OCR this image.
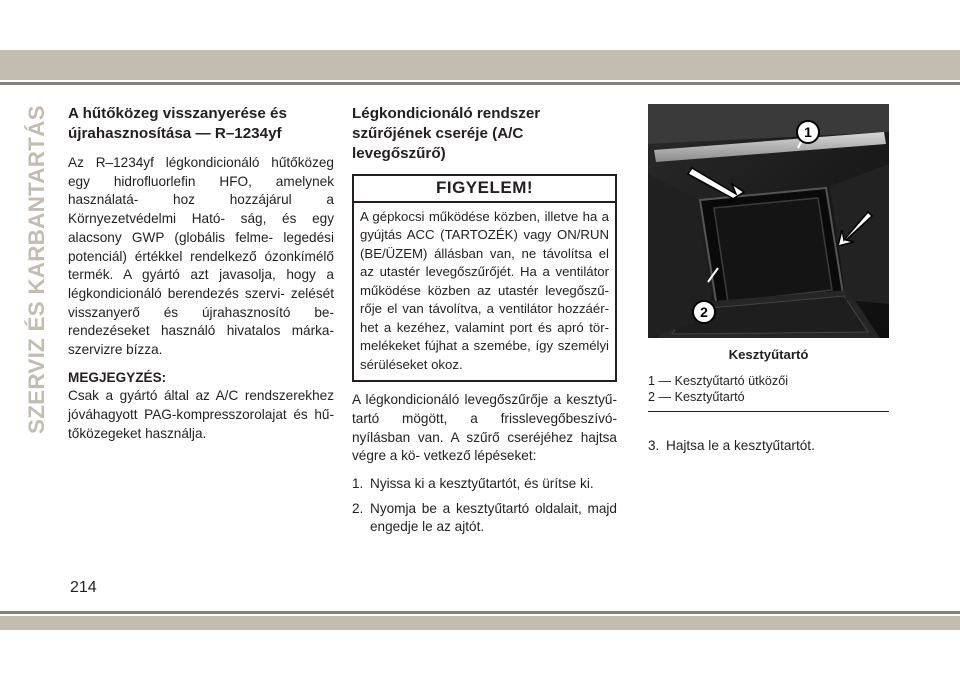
SZERVIZ ÉS KARBANTARTÁS A hűtőközeg visszanyerése és újrahasznosítása — R–1234yf

Az R–1234yf légkondicionáló hűtőközeg egy hidrofluorlefin HFO, amelynek használatá- hoz hozzájárul a Környezetvédelmi Ható- ság, és egy alacsony GWP (globális felme- legedési potenciál) értékkel rendelkező ózonkímélő termék. A gyártó azt javasolja, hogy a légkondicionáló berendezés szervi- zelését visszanyerő és újrahasznosító be- rendezéseket használó hivatalos márka- szervizre bízza.

MEGJEGYZÉS:

Csak a gyártó által az A/C rendszerekhez jóváhagyott PAG-kompresszorolajat és hű- tőközegeket használja.

Légkondicionáló rendszer szűrőjének cseréje (A/C levegőszűrő)
FIGYELEM!
A gépkocsi működése közben, illetve ha a gyújtás ACC (TARTOZÉK) vagy ON/RUN (BE/ÜZEM) állásban van, ne távolítsa el az utastér levegőszűrőjét. Ha a ventilátor működése közben az utastér levegőszű- rője el van távolítva, a ventilátor hozzáér- het a kezéhez, valamint port és apró tör- melékeket fújhat a szemébe, így személyi sérüléseket okoz.

A légkondicionáló levegőszűrője a kesztyű- tartó mögött, a frisslevegőbeszívó-nyílásban van. A szűrő cseréjéhez hajtsa végre a kö- vetkező lépéseket:

1. Nyissa ki a kesztyűtartót, és ürítse ki.
2. Nyomja be a kesztyűtartó oldalait, majd engedje le az ajtót.
1
2
Kesztyűtartó
1 — Kesztyűtartó ütközői
2 — Kesztyűtartó
3. Hajtsa le a kesztyűtartót.
214
